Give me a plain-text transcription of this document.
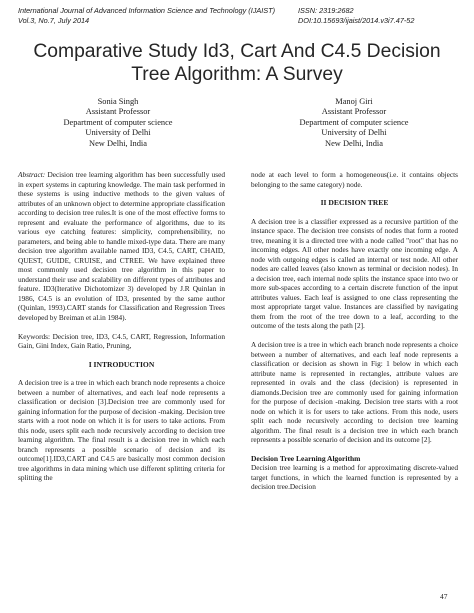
International Journal of Advanced Information Science and Technology (IJAIST)
Vol.3, No.7, July 2014
ISSN: 2319:2682
DOI:10.15693/ijaist/2014.v3i7.47-52
Comparative Study Id3, Cart And C4.5 Decision
Tree Algorithm: A Survey
Sonia Singh
Assistant Professor
Department of computer science
University of Delhi
New Delhi, India
Manoj Giri
Assistant Professor
Department of computer science
University of Delhi
New Delhi, India

Abstract: Decision tree learning algorithm has been successfully used in expert systems in capturing knowledge. The main task performed in these systems is using inductive methods to the given values of attributes of an unknown object to determine appropriate classification according to decision tree rules.It is one of the most effective forms to represent and evaluate the performance of algorithms, due to its various eye catching features: simplicity, comprehensibility, no parameters, and being able to handle mixed-type data. There are many decision tree algorithm available named ID3, C4.5, CART, CHAID, QUEST, GUIDE, CRUISE, and CTREE. We have explained three most commonly used decision tree algorithm in this paper to understand their use and scalability on different types of attributes and feature. ID3(Iterative Dichotomizer 3) developed by J.R Quinlan in 1986, C4.5 is an evolution of ID3, presented by the same author (Quinlan, 1993).CART stands for Classification and Regression Trees developed by Breiman et al.in 1984).

Keywords: Decision tree, ID3, C4.5, CART, Regression, Information Gain, Gini Index, Gain Ratio, Pruning,

I INTRODUCTION

A decision tree is a tree in which each branch node represents a choice between a number of alternatives, and each leaf node represents a classification or decision [3].Decision tree are commonly used for gaining information for the purpose of decision -making. Decision tree starts with a root node on which it is for users to take actions. From this node, users split each node recursively according to decision tree learning algorithm. The final result is a decision tree in which each branch represents a possible scenario of decision and its outcome[1].ID3,CART and C4.5 are basically most common decision tree algorithms in data mining which use different splitting criteria for splitting the

node at each level to form a homogeneous(i.e. it contains objects belonging to the same category) node.

II DECISION TREE

A decision tree is a classifier expressed as a recursive partition of the instance space. The decision tree consists of nodes that form a rooted tree, meaning it is a directed tree with a node called "root" that has no incoming edges. All other nodes have exactly one incoming edge. A node with outgoing edges is called an internal or test node. All other nodes are called leaves (also known as terminal or decision nodes). In a decision tree, each internal node splits the instance space into two or more sub-spaces according to a certain discrete function of the input attributes values. Each leaf is assigned to one class representing the most appropriate target value. Instances are classified by navigating them from the root of the tree down to a leaf, according to the outcome of the tests along the path [2].

A decision tree is a tree in which each branch node represents a choice between a number of alternatives, and each leaf node represents a classification or decision as shown in Fig: 1 below in which each attribute name is represented in rectangles, attribute values are represented in ovals and the class (decision) is represented in diamonds.Decision tree are commonly used for gaining information for the purpose of decision -making. Decision tree starts with a root node on which it is for users to take actions. From this node, users split each node recursively according to decision tree learning algorithm. The final result is a decision tree in which each branch represents a possible scenario of decision and its outcome [2].

Decision Tree Learning Algorithm

Decision tree learning is a method for approximating discrete-valued target functions, in which the learned function is represented by a decision tree.Decision

47
